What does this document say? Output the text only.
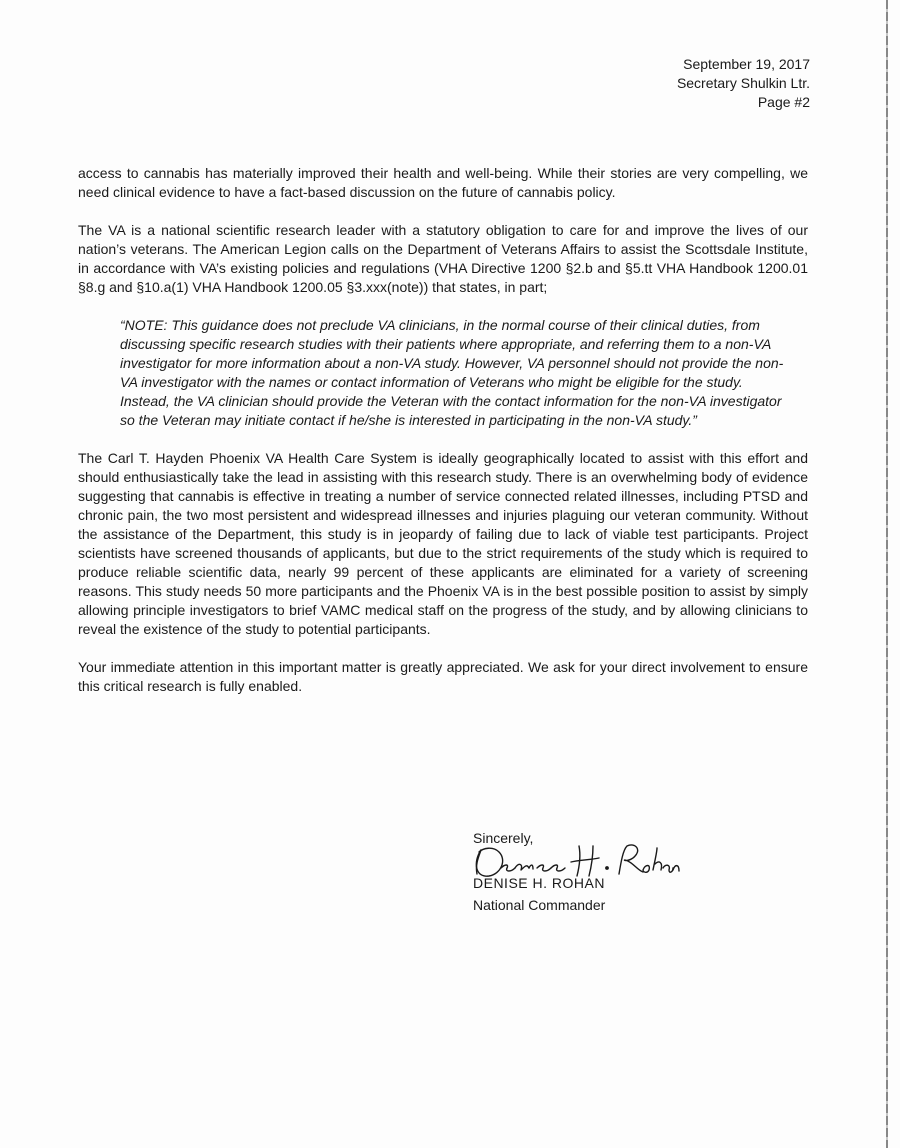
September 19, 2017
Secretary Shulkin Ltr.
Page #2

access to cannabis has materially improved their health and well-being. While their stories are very compelling, we need clinical evidence to have a fact-based discussion on the future of cannabis policy.

The VA is a national scientific research leader with a statutory obligation to care for and improve the lives of our nation’s veterans. The American Legion calls on the Department of Veterans Affairs to assist the Scottsdale Institute, in accordance with VA’s existing policies and regulations (VHA Directive 1200 §2.b and §5.tt VHA Handbook 1200.01 §8.g and §10.a(1) VHA Handbook 1200.05 §3.xxx(note)) that states, in part;

“NOTE: This guidance does not preclude VA clinicians, in the normal course of their clinical duties, from discussing specific research studies with their patients where appropriate, and referring them to a non-VA investigator for more information about a non-VA study. However, VA personnel should not provide the non-VA investigator with the names or contact information of Veterans who might be eligible for the study. Instead, the VA clinician should provide the Veteran with the contact information for the non-VA investigator so the Veteran may initiate contact if he/she is interested in participating in the non-VA study.”

The Carl T. Hayden Phoenix VA Health Care System is ideally geographically located to assist with this effort and should enthusiastically take the lead in assisting with this research study. There is an overwhelming body of evidence suggesting that cannabis is effective in treating a number of service connected related illnesses, including PTSD and chronic pain, the two most persistent and widespread illnesses and injuries plaguing our veteran community. Without the assistance of the Department, this study is in jeopardy of failing due to lack of viable test participants. Project scientists have screened thousands of applicants, but due to the strict requirements of the study which is required to produce reliable scientific data, nearly 99 percent of these applicants are eliminated for a variety of screening reasons. This study needs 50 more participants and the Phoenix VA is in the best possible position to assist by simply allowing principle investigators to brief VAMC medical staff on the progress of the study, and by allowing clinicians to reveal the existence of the study to potential participants.

Your immediate attention in this important matter is greatly appreciated. We ask for your direct involvement to ensure this critical research is fully enabled.

Sincerely,
DENISE H. ROHAN
National Commander
